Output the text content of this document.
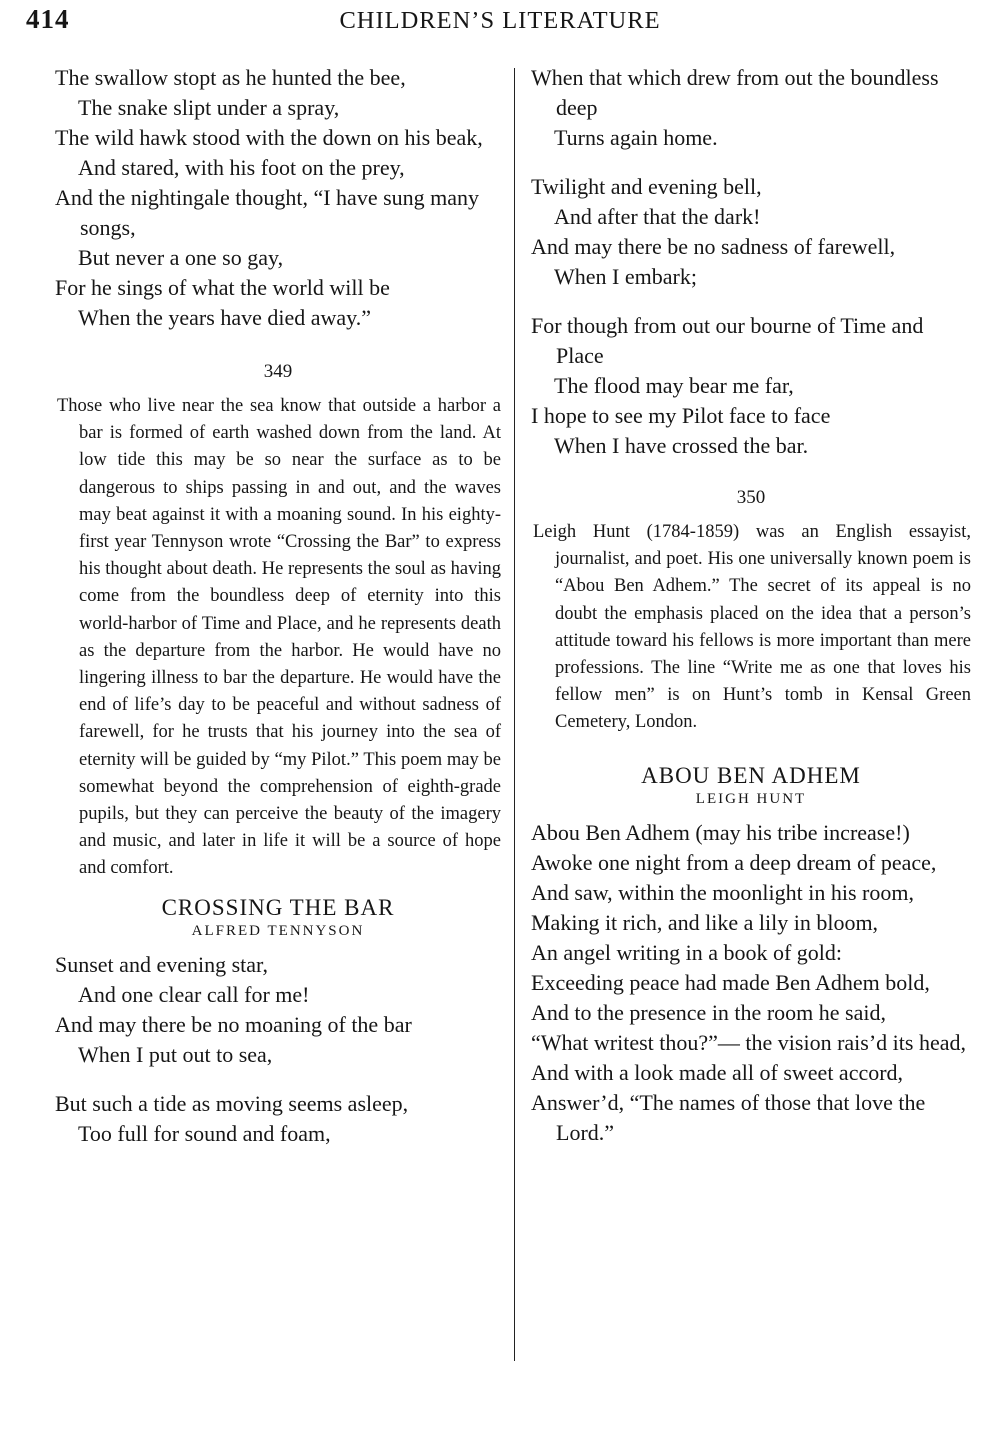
414	CHILDREN’S LITERATURE
The swallow stopt as he hunted the bee,
The snake slipt under a spray,
The wild hawk stood with the down on his beak,
And stared, with his foot on the prey,
And the nightingale thought, “I have sung many songs,
But never a one so gay,
For he sings of what the world will be
When the years have died away.”
349

Those who live near the sea know that outside a harbor a bar is formed of earth washed down from the land. At low tide this may be so near the surface as to be dangerous to ships passing in and out, and the waves may beat against it with a moaning sound. In his eighty-first year Tennyson wrote “Crossing the Bar” to express his thought about death. He represents the soul as having come from the boundless deep of eternity into this world-harbor of Time and Place, and he represents death as the departure from the harbor. He would have no lingering illness to bar the departure. He would have the end of life’s day to be peaceful and without sadness of farewell, for he trusts that his journey into the sea of eternity will be guided by “my Pilot.” This poem may be somewhat beyond the comprehension of eighth-grade pupils, but they can perceive the beauty of the imagery and music, and later in life it will be a source of hope and comfort.

CROSSING THE BAR
ALFRED TENNYSON
Sunset and evening star,
And one clear call for me!
And may there be no moaning of the bar
When I put out to sea,
But such a tide as moving seems asleep,
Too full for sound and foam,
When that which drew from out the boundless deep
Turns again home.
Twilight and evening bell,
And after that the dark!
And may there be no sadness of farewell,
When I embark;
For though from out our bourne of Time and Place
The flood may bear me far,
I hope to see my Pilot face to face
When I have crossed the bar.
350

Leigh Hunt (1784-1859) was an English essayist, journalist, and poet. His one universally known poem is “Abou Ben Adhem.” The secret of its appeal is no doubt the emphasis placed on the idea that a person’s attitude toward his fellows is more important than mere professions. The line “Write me as one that loves his fellow men” is on Hunt’s tomb in Kensal Green Cemetery, London.

ABOU BEN ADHEM
LEIGH HUNT
Abou Ben Adhem (may his tribe increase!)
Awoke one night from a deep dream of peace,
And saw, within the moonlight in his room,
Making it rich, and like a lily in bloom,
An angel writing in a book of gold:
Exceeding peace had made Ben Adhem bold,
And to the presence in the room he said,
“What writest thou?”— the vision rais’d its head,
And with a look made all of sweet accord,
Answer’d, “The names of those that love the Lord.”
